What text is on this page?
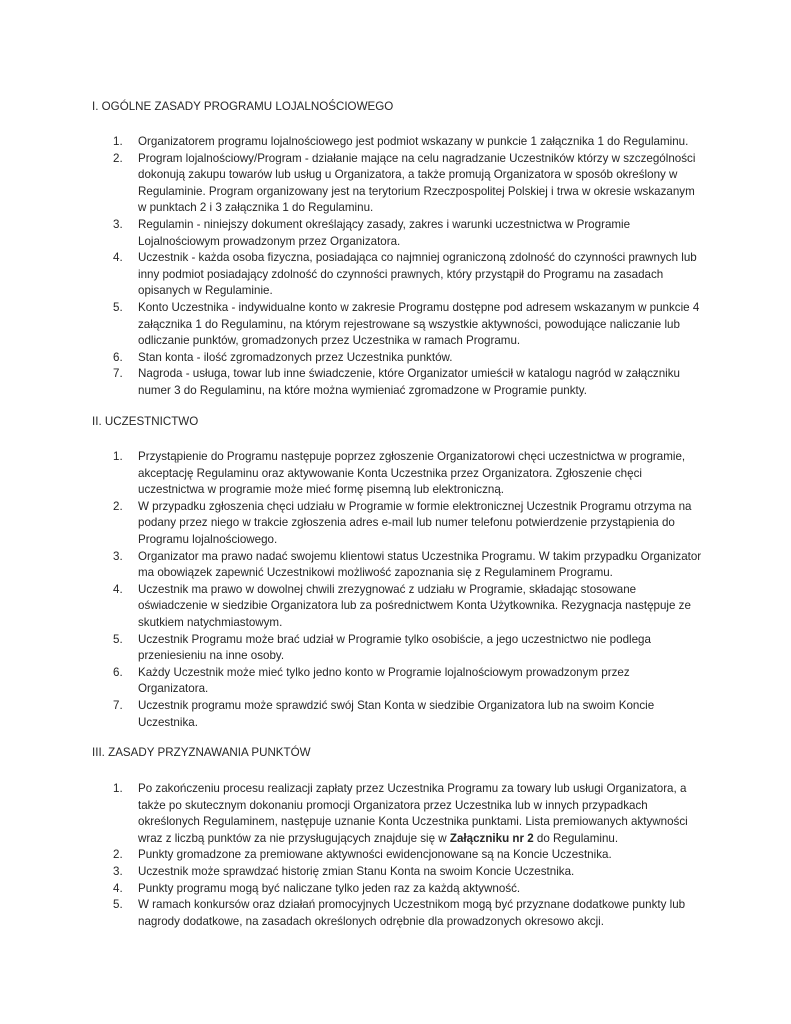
I. OGÓLNE ZASADY PROGRAMU LOJALNOŚCIOWEGO
1. Organizatorem programu lojalnościowego jest podmiot wskazany w punkcie 1 załącznika 1 do Regulaminu.
2. Program lojalnościowy/Program - działanie mające na celu nagradzanie Uczestników którzy w szczególności dokonują zakupu towarów lub usług u Organizatora, a także promują Organizatora w sposób określony w Regulaminie. Program organizowany jest na terytorium Rzeczpospolitej Polskiej i trwa w okresie wskazanym w punktach 2 i 3 załącznika 1 do Regulaminu.
3. Regulamin - niniejszy dokument określający zasady, zakres i warunki uczestnictwa w Programie Lojalnościowym prowadzonym przez Organizatora.
4. Uczestnik - każda osoba fizyczna, posiadająca co najmniej ograniczoną zdolność do czynności prawnych lub inny podmiot posiadający zdolność do czynności prawnych, który przystąpił do Programu na zasadach opisanych w Regulaminie.
5. Konto Uczestnika - indywidualne konto w zakresie Programu dostępne pod adresem wskazanym w punkcie 4 załącznika 1 do Regulaminu, na którym rejestrowane są wszystkie aktywności, powodujące naliczanie lub odliczanie punktów, gromadzonych przez Uczestnika w ramach Programu.
6. Stan konta - ilość zgromadzonych przez Uczestnika punktów.
7. Nagroda - usługa, towar lub inne świadczenie, które Organizator umieścił w katalogu nagród w załączniku numer 3 do Regulaminu, na które można wymieniać zgromadzone w Programie punkty.
II. UCZESTNICTWO
1. Przystąpienie do Programu następuje poprzez zgłoszenie Organizatorowi chęci uczestnictwa w programie, akceptację Regulaminu oraz aktywowanie Konta Uczestnika przez Organizatora. Zgłoszenie chęci uczestnictwa w programie może mieć formę pisemną lub elektroniczną.
2. W przypadku zgłoszenia chęci udziału w Programie w formie elektronicznej Uczestnik Programu otrzyma na podany przez niego w trakcie zgłoszenia adres e-mail lub numer telefonu potwierdzenie przystąpienia do Programu lojalnościowego.
3. Organizator ma prawo nadać swojemu klientowi status Uczestnika Programu. W takim przypadku Organizator ma obowiązek zapewnić Uczestnikowi możliwość zapoznania się z Regulaminem Programu.
4. Uczestnik ma prawo w dowolnej chwili zrezygnować z udziału w Programie, składając stosowane oświadczenie w siedzibie Organizatora lub za pośrednictwem Konta Użytkownika. Rezygnacja następuje ze skutkiem natychmiastowym.
5. Uczestnik Programu może brać udział w Programie tylko osobiście, a jego uczestnictwo nie podlega przeniesieniu na inne osoby.
6. Każdy Uczestnik może mieć tylko jedno konto w Programie lojalnościowym prowadzonym przez Organizatora.
7. Uczestnik programu może sprawdzić swój Stan Konta w siedzibie Organizatora lub na swoim Koncie Uczestnika.
III. ZASADY PRZYZNAWANIA PUNKTÓW
1. Po zakończeniu procesu realizacji zapłaty przez Uczestnika Programu za towary lub usługi Organizatora, a także po skutecznym dokonaniu promocji Organizatora przez Uczestnika lub w innych przypadkach określonych Regulaminem, następuje uznanie Konta Uczestnika punktami. Lista premiowanych aktywności wraz z liczbą punktów za nie przysługujących znajduje się w Załączniku nr 2 do Regulaminu.
2. Punkty gromadzone za premiowane aktywności ewidencjonowane są na Koncie Uczestnika.
3. Uczestnik może sprawdzać historię zmian Stanu Konta na swoim Koncie Uczestnika.
4. Punkty programu mogą być naliczane tylko jeden raz za każdą aktywność.
5. W ramach konkursów oraz działań promocyjnych Uczestnikom mogą być przyznane dodatkowe punkty lub nagrody dodatkowe, na zasadach określonych odrębnie dla prowadzonych okresowo akcji.
